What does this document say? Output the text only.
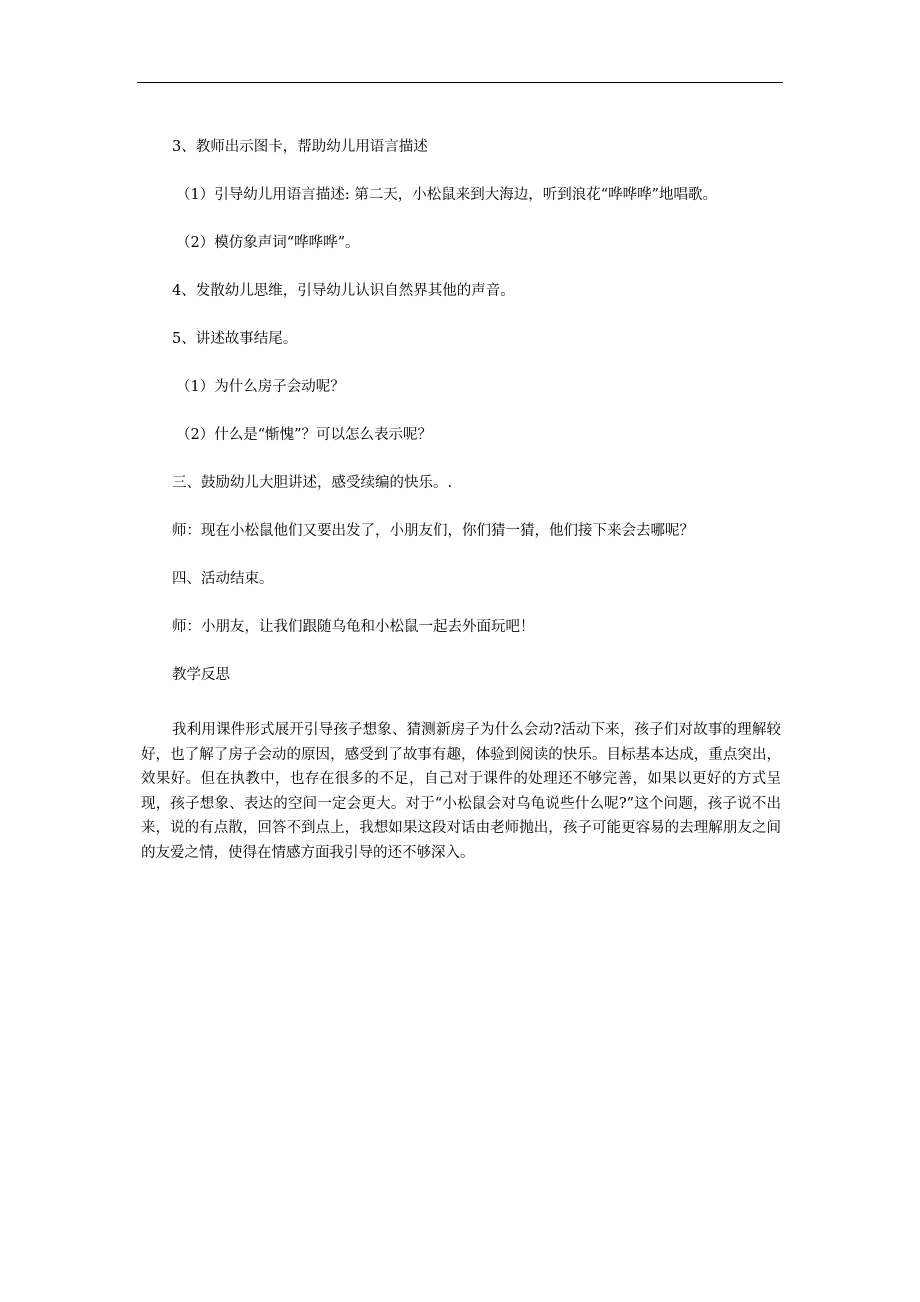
3、教师出示图卡，帮助幼儿用语言描述
（1）引导幼儿用语言描述: 第二天，小松鼠来到大海边，听到浪花“哗哗哗”地唱歌。
（2）模仿象声词“哗哗哗”。
4、发散幼儿思维，引导幼儿认识自然界其他的声音。
5、讲述故事结尾。
（1）为什么房子会动呢？
（2）什么是“惭愧”？可以怎么表示呢？
三、鼓励幼儿大胆讲述，感受续编的快乐。.
师：现在小松鼠他们又要出发了，小朋友们，你们猜一猜，他们接下来会去哪呢？
四、活动结束。
师：小朋友，让我们跟随乌龟和小松鼠一起去外面玩吧！
教学反思
我利用课件形式展开引导孩子想象、猜测新房子为什么会动?活动下来，孩子们对故事的理解较好，也了解了房子会动的原因，感受到了故事有趣，体验到阅读的快乐。目标基本达成，重点突出，效果好。但在执教中，也存在很多的不足，自己对于课件的处理还不够完善，如果以更好的方式呈现，孩子想象、表达的空间一定会更大。对于“小松鼠会对乌龟说些什么呢?”这个问题，孩子说不出来，说的有点散，回答不到点上，我想如果这段对话由老师抛出，孩子可能更容易的去理解朋友之间的友爱之情，使得在情感方面我引导的还不够深入。
